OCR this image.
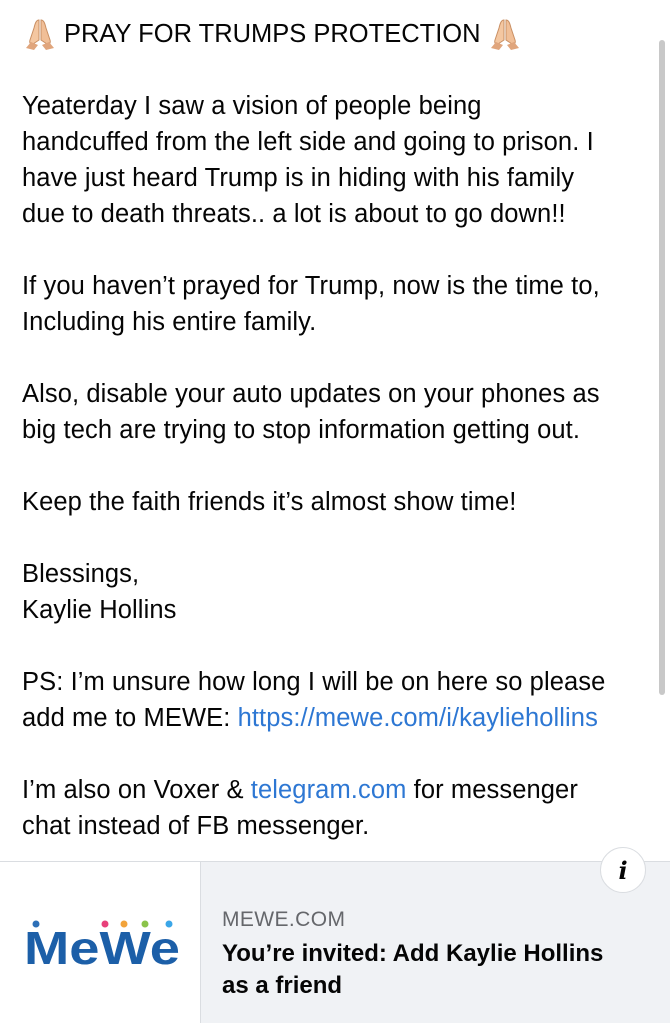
PRAY FOR TRUMPS PROTECTION
Yeaterday I saw a vision of people being
handcuffed from the left side and going to prison. I
have just heard Trump is in hiding with his family
due to death threats.. a lot is about to go down!!
If you haven’t prayed for Trump, now is the time to,
Including his entire family.
Also, disable your auto updates on your phones as
big tech are trying to stop information getting out.
Keep the faith friends it’s almost show time!
Blessings,
Kaylie Hollins
PS: I’m unsure how long I will be on here so please
add me to MEWE: https://mewe.com/i/kayliehollins
I’m also on Voxer & telegram.com for messenger
chat instead of FB messenger.
MeWe
MEWE.COM
You’re invited: Add Kaylie Hollins
as a friend
i
